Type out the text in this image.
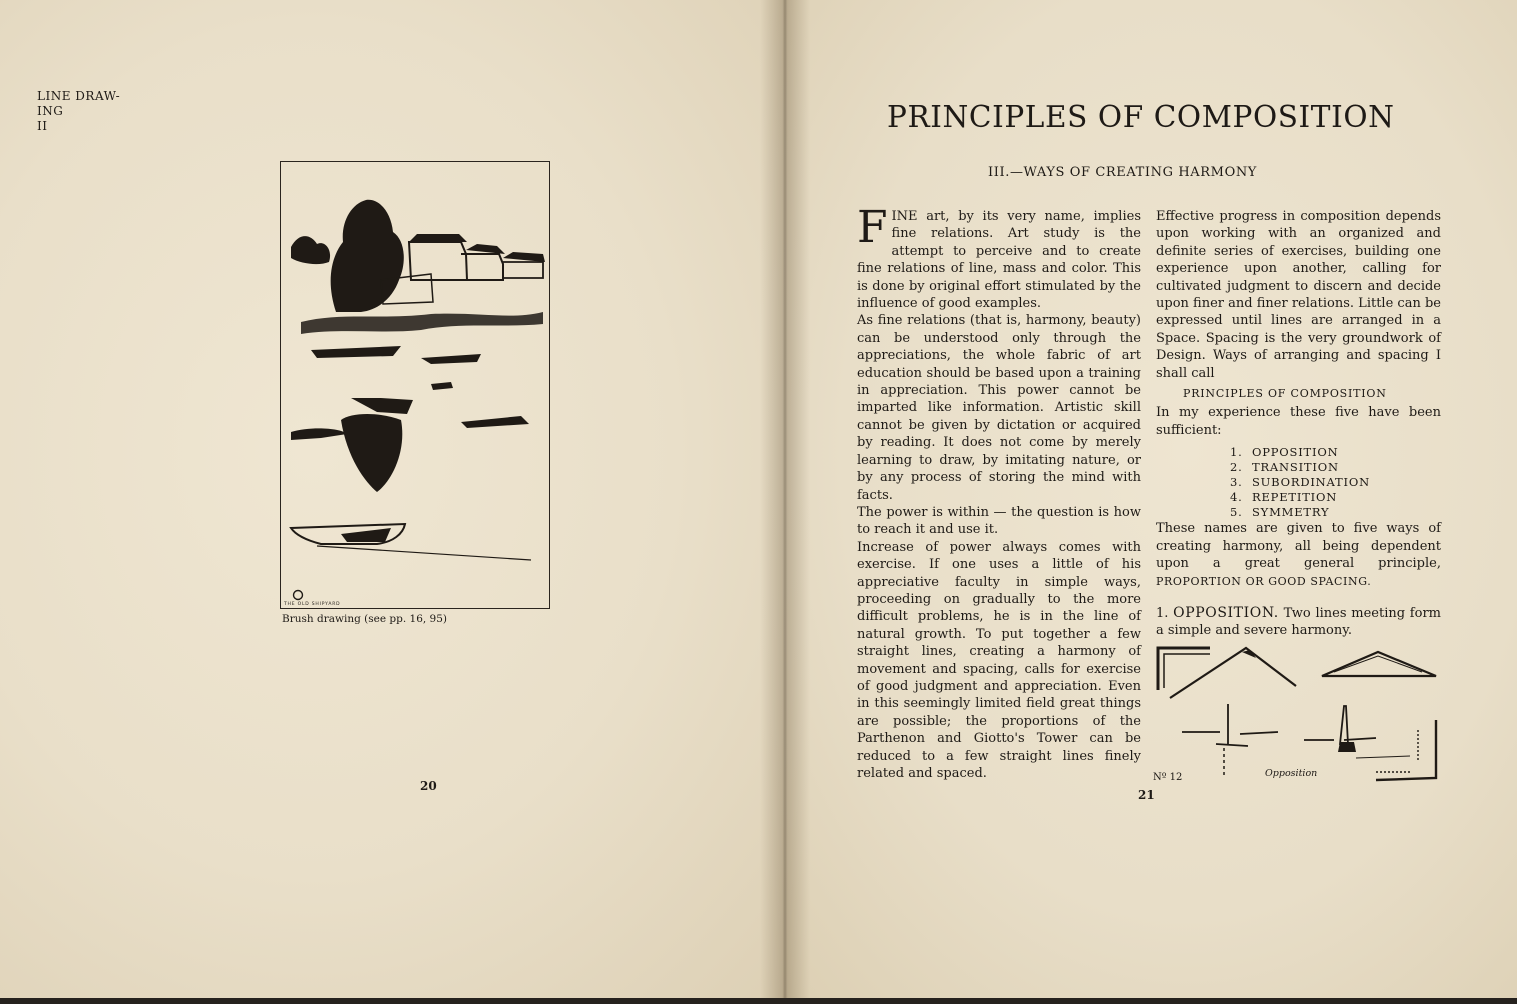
LINE DRAW-
ING
II
THE OLD SHIPYARD
Brush drawing (see pp. 16, 95)
20
PRINCIPLES OF COMPOSITION
III.—WAYS OF CREATING HARMONY

FINE art, by its very name, implies fine relations. Art study is the attempt to perceive and to create fine relations of line, mass and color. This is done by original effort stimulated by the influence of good examples.

As fine relations (that is, harmony, beauty) can be understood only through the appreciations, the whole fabric of art education should be based upon a training in appreciation. This power cannot be imparted like information. Artistic skill cannot be given by dictation or acquired by reading. It does not come by merely learning to draw, by imitating nature, or by any process of storing the mind with facts.

The power is within — the question is how to reach it and use it.

Increase of power always comes with exercise. If one uses a little of his appreciative faculty in simple ways, proceeding on gradually to the more difficult problems, he is in the line of natural growth. To put together a few straight lines, creating a harmony of movement and spacing, calls for exercise of good judgment and appreciation. Even in this seemingly limited field great things are possible; the proportions of the Parthenon and Giotto's Tower can be reduced to a few straight lines finely related and spaced.

Effective progress in composition depends upon working with an organized and definite series of exercises, building one experience upon another, calling for cultivated judgment to discern and decide upon finer and finer relations. Little can be expressed until lines are arranged in a Space. Spacing is the very groundwork of Design. Ways of arranging and spacing I shall call

PRINCIPLES OF COMPOSITION

In my experience these five have been sufficient:

1. OPPOSITION
2. TRANSITION
3. SUBORDINATION
4. REPETITION
5. SYMMETRY

These names are given to five ways of creating harmony, all being dependent upon a great general principle, PROPORTION OR GOOD SPACING.

1. OPPOSITION. Two lines meeting form a simple and severe harmony.

Nº 12	Opposition
21
